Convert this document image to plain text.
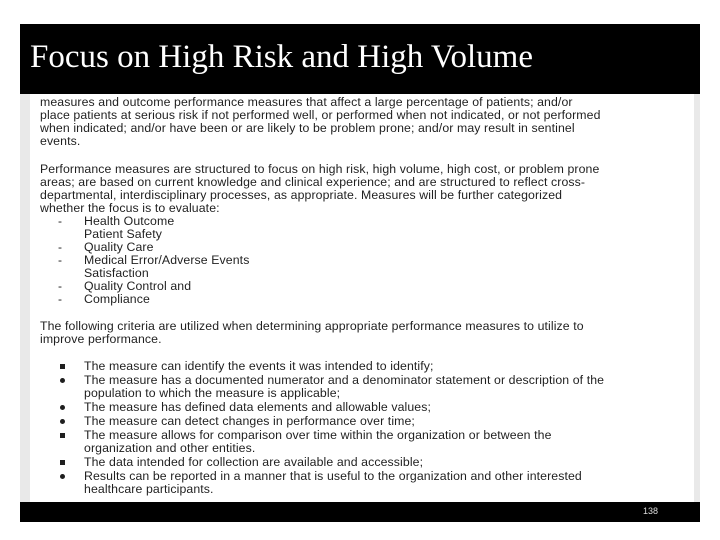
Focus on High Risk and High Volume
measures and outcome performance measures that affect a large percentage of patients; and/or
place patients at serious risk if not performed well, or performed when not indicated, or not performed
when indicated; and/or have been or are likely to be problem prone; and/or may result in sentinel
events.
Performance measures are structured to focus on high risk, high volume, high cost, or problem prone
areas; are based on current knowledge and clinical experience; and are structured to reflect cross-
departmental, interdisciplinary processes, as appropriate. Measures will be further categorized
whether the focus is to evaluate:
- Health Outcome
Patient Safety
- Quality Care
- Medical Error/Adverse Events
Satisfaction
- Quality Control and
- Compliance
The following criteria are utilized when determining appropriate performance measures to utilize to
improve performance.
The measure can identify the events it was intended to identify;
The measure has a documented numerator and a denominator statement or description of the
population to which the measure is applicable;
The measure has defined data elements and allowable values;
The measure can detect changes in performance over time;
The measure allows for comparison over time within the organization or between the
organization and other entities.
The data intended for collection are available and accessible;
Results can be reported in a manner that is useful to the organization and other interested
healthcare participants.
138
